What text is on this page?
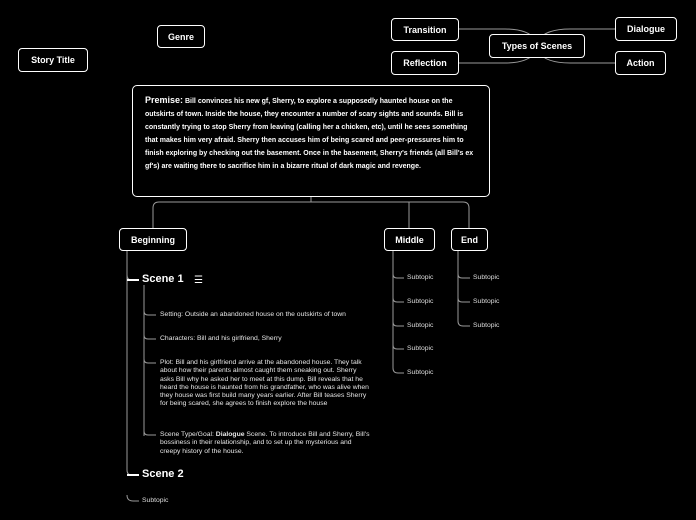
Story Title
Genre
Transition
Reflection
Types of Scenes
Dialogue
Action
Premise: Bill convinces his new gf, Sherry, to explore a supposedly haunted house on the outskirts of town. Inside the house, they encounter a number of scary sights and sounds. Bill is constantly trying to stop Sherry from leaving (calling her a chicken, etc), until he sees something that makes him very afraid. Sherry then accuses him of being scared and peer-pressures him to finish exploring by checking out the basement. Once in the basement, Sherry's friends (all Bill's ex gf's) are waiting there to sacrifice him in a bizarre ritual of dark magic and revenge.
Beginning	Middle	End
Scene 1 ☰
Setting: Outside an abandoned house on the outskirts of town
Characters: Bill and his girlfriend, Sherry
Plot: Bill and his girlfriend arrive at the abandoned house. They talk about how their parents almost caught them sneaking out. Sherry asks Bill why he asked her to meet at this dump. Bill reveals that he heard the house is haunted from his grandfather, who was alive when they house was first build many years earlier. After Bill teases Sherry for being scared, she agrees to finish explore the house
Scene Type/Goal: Dialogue Scene. To introduce Bill and Sherry, Bill's bossiness in their relationship, and to set up the mysterious and creepy history of the house.
Scene 2
Subtopic
Subtopic
Subtopic
Subtopic
Subtopic
Subtopic
Subtopic
Subtopic
Subtopic
